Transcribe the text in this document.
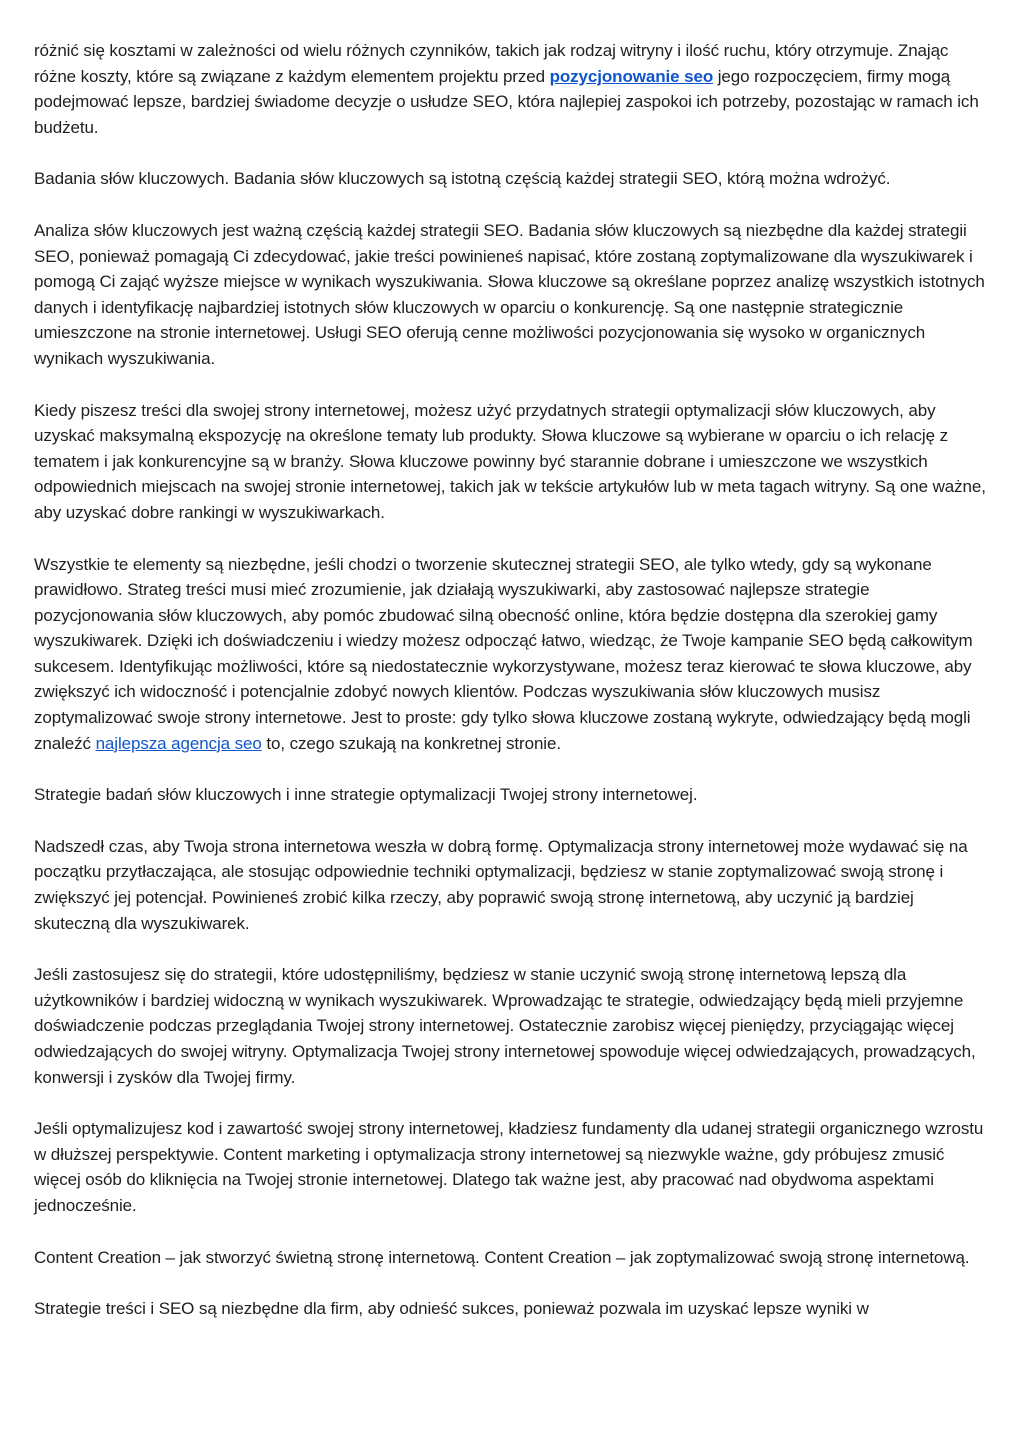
różnić się kosztami w zależności od wielu różnych czynników, takich jak rodzaj witryny i ilość ruchu, który otrzymuje. Znając różne koszty, które są związane z każdym elementem projektu przed pozycjonowanie seo jego rozpoczęciem, firmy mogą podejmować lepsze, bardziej świadome decyzje o usłudze SEO, która najlepiej zaspokoi ich potrzeby, pozostając w ramach ich budżetu.

Badania słów kluczowych. Badania słów kluczowych są istotną częścią każdej strategii SEO, którą można wdrożyć.

Analiza słów kluczowych jest ważną częścią każdej strategii SEO. Badania słów kluczowych są niezbędne dla każdej strategii SEO, ponieważ pomagają Ci zdecydować, jakie treści powinieneś napisać, które zostaną zoptymalizowane dla wyszukiwarek i pomogą Ci zająć wyższe miejsce w wynikach wyszukiwania. Słowa kluczowe są określane poprzez analizę wszystkich istotnych danych i identyfikację najbardziej istotnych słów kluczowych w oparciu o konkurencję. Są one następnie strategicznie umieszczone na stronie internetowej. Usługi SEO oferują cenne możliwości pozycjonowania się wysoko w organicznych wynikach wyszukiwania.

Kiedy piszesz treści dla swojej strony internetowej, możesz użyć przydatnych strategii optymalizacji słów kluczowych, aby uzyskać maksymalną ekspozycję na określone tematy lub produkty. Słowa kluczowe są wybierane w oparciu o ich relację z tematem i jak konkurencyjne są w branży. Słowa kluczowe powinny być starannie dobrane i umieszczone we wszystkich odpowiednich miejscach na swojej stronie internetowej, takich jak w tekście artykułów lub w meta tagach witryny. Są one ważne, aby uzyskać dobre rankingi w wyszukiwarkach.

Wszystkie te elementy są niezbędne, jeśli chodzi o tworzenie skutecznej strategii SEO, ale tylko wtedy, gdy są wykonane prawidłowo. Strateg treści musi mieć zrozumienie, jak działają wyszukiwarki, aby zastosować najlepsze strategie pozycjonowania słów kluczowych, aby pomóc zbudować silną obecność online, która będzie dostępna dla szerokiej gamy wyszukiwarek. Dzięki ich doświadczeniu i wiedzy możesz odpocząć łatwo, wiedząc, że Twoje kampanie SEO będą całkowitym sukcesem. Identyfikując możliwości, które są niedostatecznie wykorzystywane, możesz teraz kierować te słowa kluczowe, aby zwiększyć ich widoczność i potencjalnie zdobyć nowych klientów. Podczas wyszukiwania słów kluczowych musisz zoptymalizować swoje strony internetowe. Jest to proste: gdy tylko słowa kluczowe zostaną wykryte, odwiedzający będą mogli znaleźć najlepsza agencja seo to, czego szukają na konkretnej stronie.

Strategie badań słów kluczowych i inne strategie optymalizacji Twojej strony internetowej.

Nadszedł czas, aby Twoja strona internetowa weszła w dobrą formę. Optymalizacja strony internetowej może wydawać się na początku przytłaczająca, ale stosując odpowiednie techniki optymalizacji, będziesz w stanie zoptymalizować swoją stronę i zwiększyć jej potencjał. Powinieneś zrobić kilka rzeczy, aby poprawić swoją stronę internetową, aby uczynić ją bardziej skuteczną dla wyszukiwarek.

Jeśli zastosujesz się do strategii, które udostępniliśmy, będziesz w stanie uczynić swoją stronę internetową lepszą dla użytkowników i bardziej widoczną w wynikach wyszukiwarek. Wprowadzając te strategie, odwiedzający będą mieli przyjemne doświadczenie podczas przeglądania Twojej strony internetowej. Ostatecznie zarobisz więcej pieniędzy, przyciągając więcej odwiedzających do swojej witryny. Optymalizacja Twojej strony internetowej spowoduje więcej odwiedzających, prowadzących, konwersji i zysków dla Twojej firmy.

Jeśli optymalizujesz kod i zawartość swojej strony internetowej, kładziesz fundamenty dla udanej strategii organicznego wzrostu w dłuższej perspektywie. Content marketing i optymalizacja strony internetowej są niezwykle ważne, gdy próbujesz zmusić więcej osób do kliknięcia na Twojej stronie internetowej. Dlatego tak ważne jest, aby pracować nad obydwoma aspektami jednocześnie.

Content Creation – jak stworzyć świetną stronę internetową. Content Creation – jak zoptymalizować swoją stronę internetową.

Strategie treści i SEO są niezbędne dla firm, aby odnieść sukces, ponieważ pozwala im uzyskać lepsze wyniki w
